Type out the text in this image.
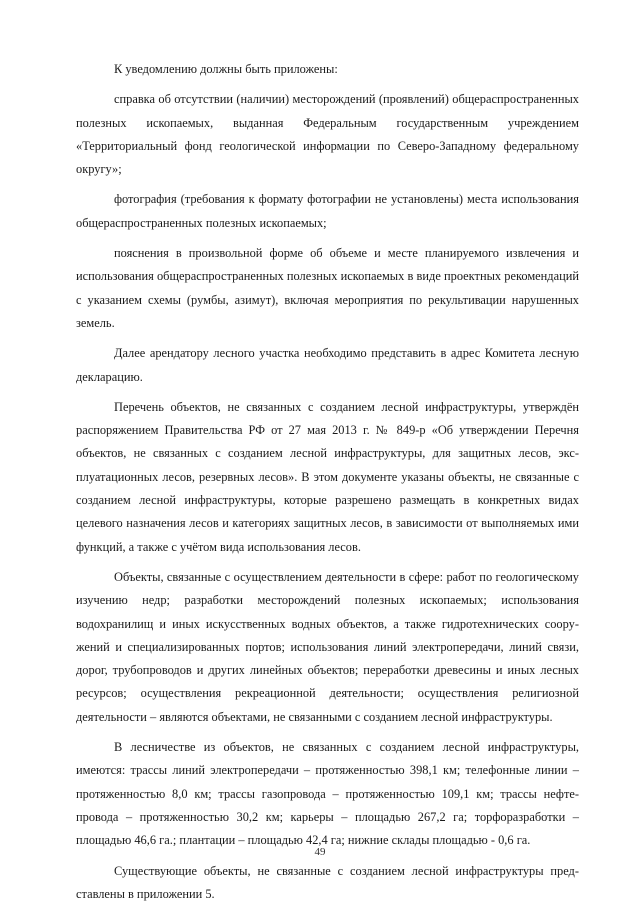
К уведомлению должны быть приложены:

справка об отсутствии (наличии) месторождений (проявлений) общераспространенных полезных ископаемых, выданная Федеральным государственным учреждением «Территориальный фонд геологической информации по Северо-Западному федеральному округу»;

фотография (требования к формату фотографии не установлены) места использования общераспространенных полезных ископаемых;

пояснения в произвольной форме об объеме и месте планируемого извлечения и использования общераспространенных полезных ископаемых в виде проектных рекомендаций с указанием схемы (румбы, азимут), включая мероприятия по рекультивации нарушенных земель.

Далее арендатору лесного участка необходимо представить в адрес Комитета лесную декларацию.

Перечень объектов, не связанных с созданием лесной инфраструктуры, утверждён распоряжением Правительства РФ от 27 мая 2013 г. № 849-р «Об утверждении Перечня объектов, не связанных с созданием лесной инфраструктуры, для защитных лесов, эксплуатационных лесов, резервных лесов». В этом документе указаны объекты, не связанные с созданием лесной инфраструктуры, которые разрешено размещать в конкретных видах целевого назначения лесов и категориях защитных лесов, в зависимости от выполняемых ими функций, а также с учётом вида использования лесов.

Объекты, связанные с осуществлением деятельности в сфере: работ по геологическому изучению недр; разработки месторождений полезных ископаемых; использования водохранилищ и иных искусственных водных объектов, а также гидротехнических сооружений и специализированных портов; использования линий электропередачи, линий связи, дорог, трубопроводов и других линейных объектов; переработки древесины и иных лесных ресурсов; осуществления рекреационной деятельности; осуществления религиозной деятельности – являются объектами, не связанными с созданием лесной инфраструктуры.

В лесничестве из объектов, не связанных с созданием лесной инфраструктуры, имеются: трассы линий электропередачи – протяженностью 398,1 км; телефонные линии – протяженностью 8,0 км; трассы газопровода – протяженностью 109,1 км; трассы нефтепровода – протяженностью 30,2 км; карьеры – площадью 267,2 га; торфоразработки – площадью 46,6 га.; плантации – площадью 42,4 га; нижние склады площадью - 0,6 га.

Существующие объекты, не связанные с созданием лесной инфраструктуры представлены в приложении 5.

49
